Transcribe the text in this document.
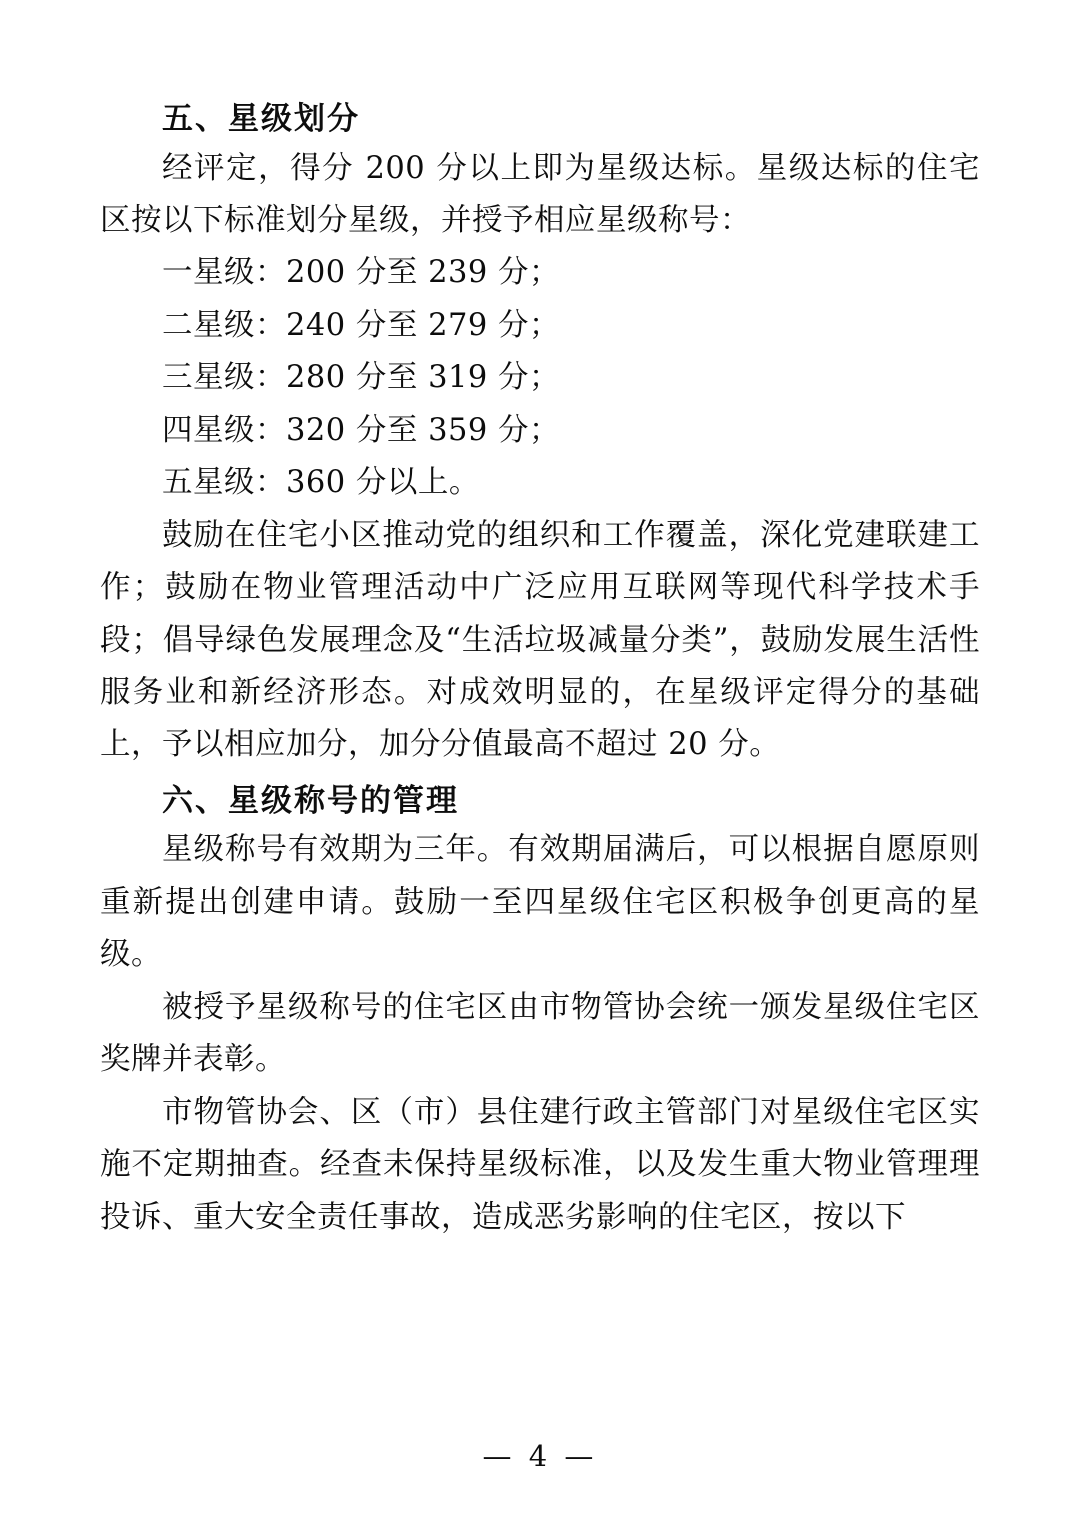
五、星级划分

经评定，得分 200 分以上即为星级达标。星级达标的住宅区按以下标准划分星级，并授予相应星级称号：

一星级：200 分至 239 分；

二星级：240 分至 279 分；

三星级：280 分至 319 分；

四星级：320 分至 359 分；

五星级：360 分以上。

鼓励在住宅小区推动党的组织和工作覆盖，深化党建联建工作；鼓励在物业管理活动中广泛应用互联网等现代科学技术手段；倡导绿色发展理念及“生活垃圾减量分类”，鼓励发展生活性服务业和新经济形态。对成效明显的，在星级评定得分的基础上，予以相应加分，加分分值最高不超过 20 分。

六、星级称号的管理

星级称号有效期为三年。有效期届满后，可以根据自愿原则重新提出创建申请。鼓励一至四星级住宅区积极争创更高的星级。

被授予星级称号的住宅区由市物管协会统一颁发星级住宅区奖牌并表彰。

市物管协会、区（市）县住建行政主管部门对星级住宅区实施不定期抽查。经查未保持星级标准，以及发生重大物业管理理投诉、重大安全责任事故，造成恶劣影响的住宅区，按以下

— 4 —
